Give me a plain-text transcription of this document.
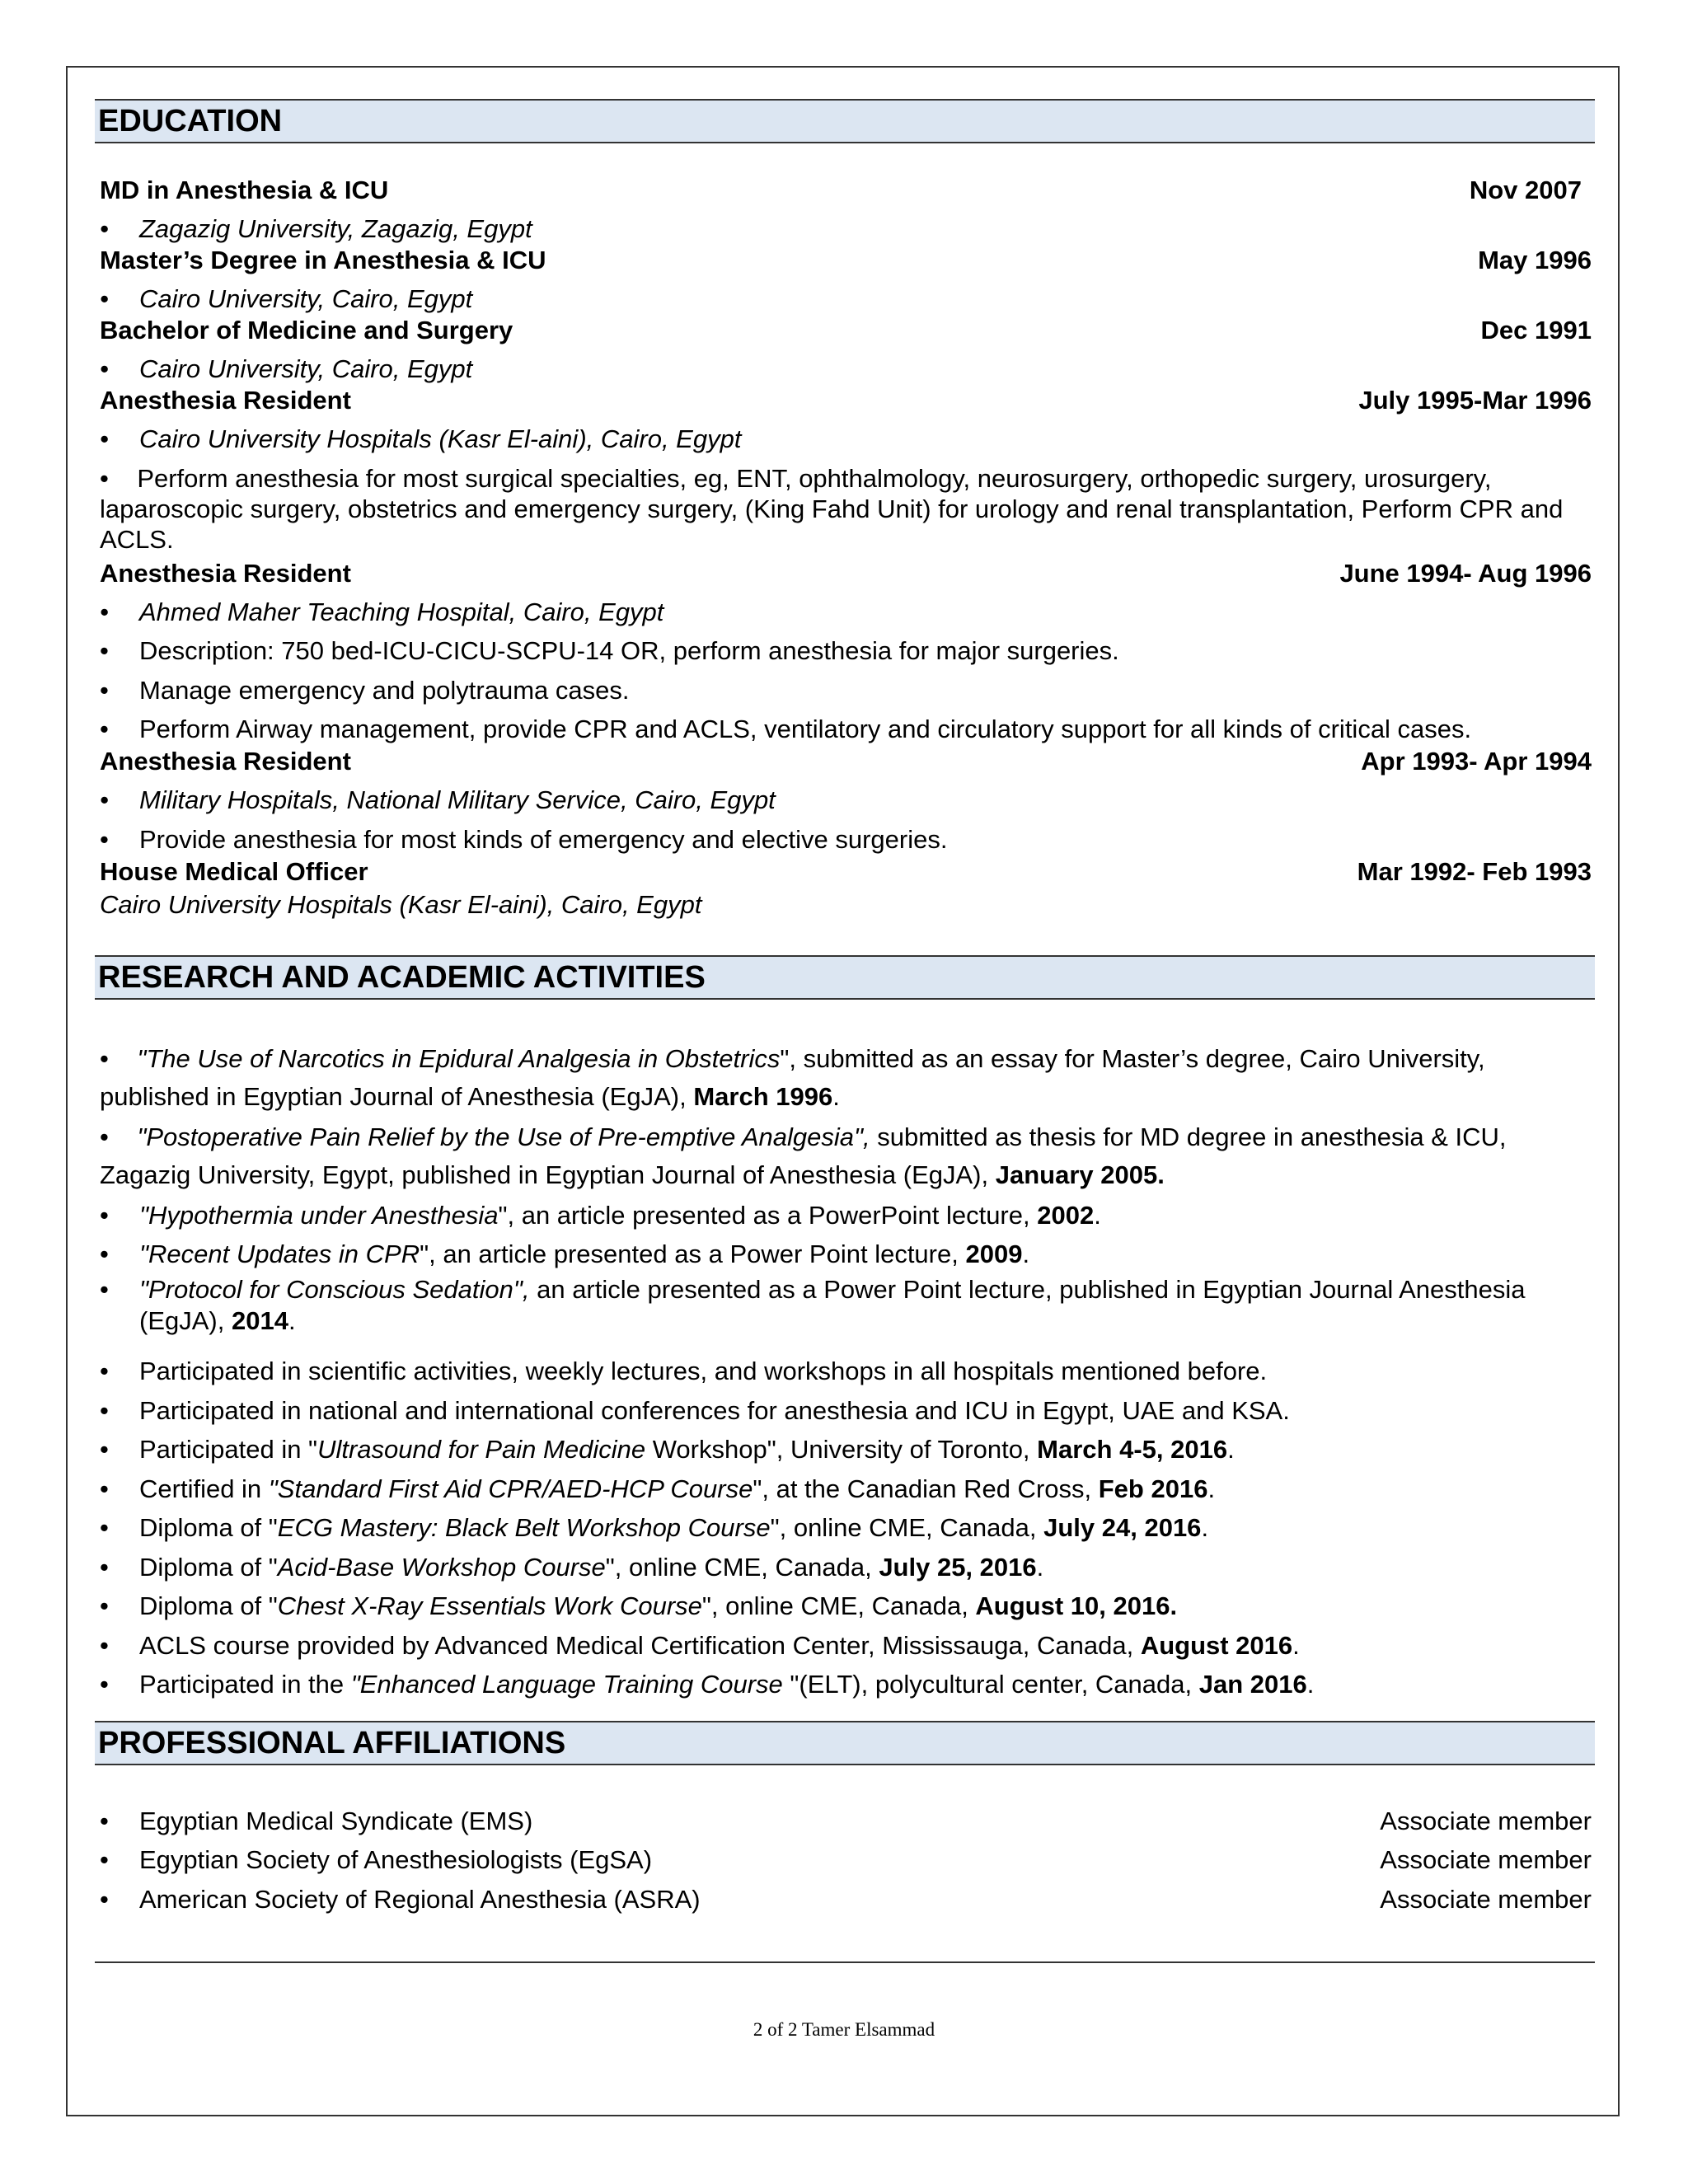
EDUCATION
MD in Anesthesia & ICU	Nov 2007
• Zagazig University, Zagazig, Egypt
Master’s Degree in Anesthesia & ICU	May 1996
• Cairo University, Cairo, Egypt
Bachelor of Medicine and Surgery	Dec 1991
• Cairo University, Cairo, Egypt
Anesthesia Resident	July 1995-Mar 1996
• Cairo University Hospitals (Kasr El-aini), Cairo, Egypt
• Perform anesthesia for most surgical specialties, eg, ENT, ophthalmology, neurosurgery, orthopedic surgery, urosurgery, laparoscopic surgery, obstetrics and emergency surgery, (King Fahd Unit) for urology and renal transplantation, Perform CPR and ACLS.
Anesthesia Resident	June 1994- Aug 1996
• Ahmed Maher Teaching Hospital, Cairo, Egypt
• Description: 750 bed-ICU-CICU-SCPU-14 OR, perform anesthesia for major surgeries.
• Manage emergency and polytrauma cases.
• Perform Airway management, provide CPR and ACLS, ventilatory and circulatory support for all kinds of critical cases.
Anesthesia Resident	Apr 1993- Apr 1994
• Military Hospitals, National Military Service, Cairo, Egypt
• Provide anesthesia for most kinds of emergency and elective surgeries.
House Medical Officer	Mar 1992- Feb 1993
Cairo University Hospitals (Kasr El-aini), Cairo, Egypt
RESEARCH AND ACADEMIC ACTIVITIES
• "The Use of Narcotics in Epidural Analgesia in Obstetrics", submitted as an essay for Master’s degree, Cairo University, published in Egyptian Journal of Anesthesia (EgJA), March 1996.
• "Postoperative Pain Relief by the Use of Pre-emptive Analgesia", submitted as thesis for MD degree in anesthesia & ICU, Zagazig University, Egypt, published in Egyptian Journal of Anesthesia (EgJA), January 2005.
• "Hypothermia under Anesthesia", an article presented as a PowerPoint lecture, 2002.
• "Recent Updates in CPR", an article presented as a Power Point lecture, 2009.
• "Protocol for Conscious Sedation", an article presented as a Power Point lecture, published in Egyptian Journal Anesthesia (EgJA), 2014.
• Participated in scientific activities, weekly lectures, and workshops in all hospitals mentioned before.
• Participated in national and international conferences for anesthesia and ICU in Egypt, UAE and KSA.
• Participated in "Ultrasound for Pain Medicine Workshop", University of Toronto, March 4-5, 2016.
• Certified in "Standard First Aid CPR/AED-HCP Course", at the Canadian Red Cross, Feb 2016.
• Diploma of "ECG Mastery: Black Belt Workshop Course", online CME, Canada, July 24, 2016.
• Diploma of "Acid-Base Workshop Course", online CME, Canada, July 25, 2016.
• Diploma of "Chest X-Ray Essentials Work Course", online CME, Canada, August 10, 2016.
• ACLS course provided by Advanced Medical Certification Center, Mississauga, Canada, August 2016.
• Participated in the "Enhanced Language Training Course "(ELT), polycultural center, Canada, Jan 2016.
PROFESSIONAL AFFILIATIONS
• Egyptian Medical Syndicate (EMS)	Associate member
• Egyptian Society of Anesthesiologists (EgSA)	Associate member
• American Society of Regional Anesthesia (ASRA)	Associate member
2 of 2 Tamer Elsammad
